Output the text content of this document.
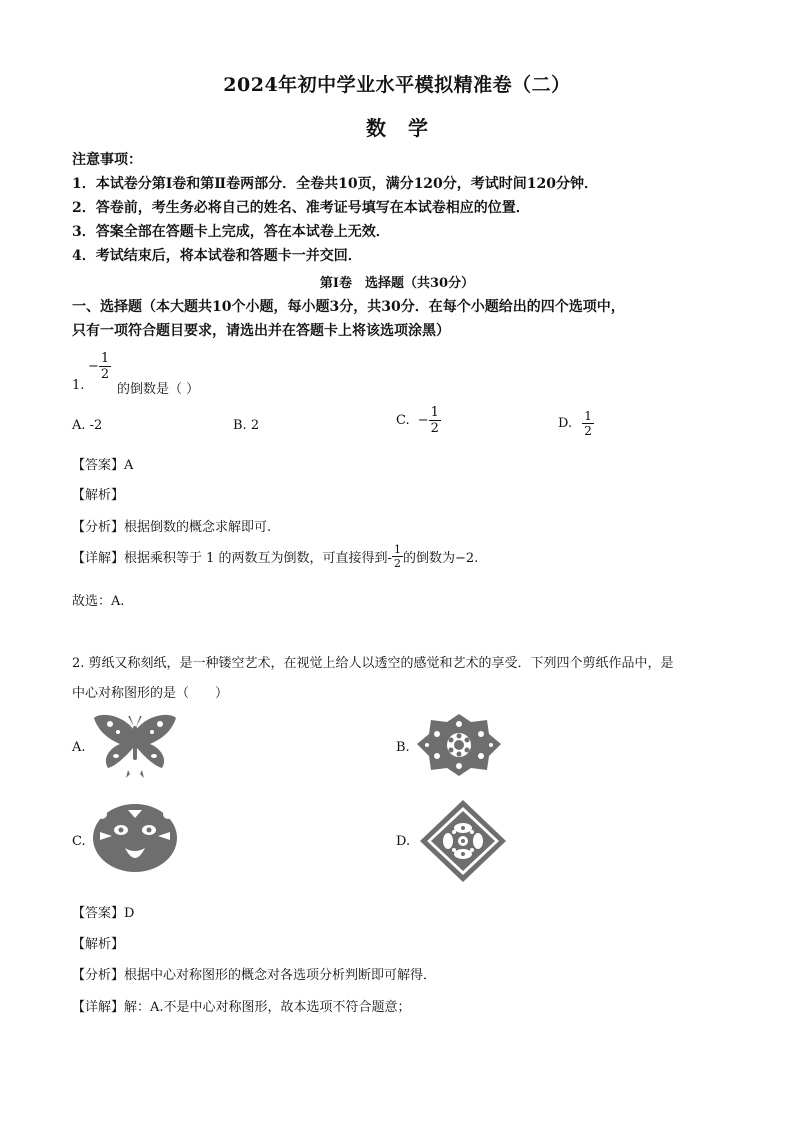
2024年初中学业水平模拟精准卷（二）
数学
注意事项：
1．本试卷分第Ⅰ卷和第Ⅱ卷两部分．全卷共10页，满分120分，考试时间120分钟．
2．答卷前，考生务必将自己的姓名、准考证号填写在本试卷相应的位置．
3．答案全部在答题卡上完成，答在本试卷上无效．
4．考试结束后，将本试卷和答题卡一并交回．
第Ⅰ卷　选择题（共30分）
一、选择题（本大题共10个小题，每小题3分，共30分．在每个小题给出的四个选项中，
只有一项符合题目要求，请选出并在答题卡上将该选项涂黑）
1.
− $\frac{1}{2}$
的倒数是（ ）
A. -2	B. 2	C. − $\frac{1}{2}$	D. $\frac{1}{2}$
【答案】A
【解析】
【分析】根据倒数的概念求解即可.
【详解】根据乘积等于 1 的两数互为倒数，可直接得到- $\frac{1}{2}$ 的倒数为−2.
故选：A.
2. 剪纸又称刻纸，是一种镂空艺术，在视觉上给人以透空的感觉和艺术的享受．下列四个剪纸作品中，是
中心对称图形的是（　　）
A.	B.
C.	D.
【答案】D
【解析】
【分析】根据中心对称图形的概念对各选项分析判断即可解得．
【详解】解：A.不是中心对称图形，故本选项不符合题意；
